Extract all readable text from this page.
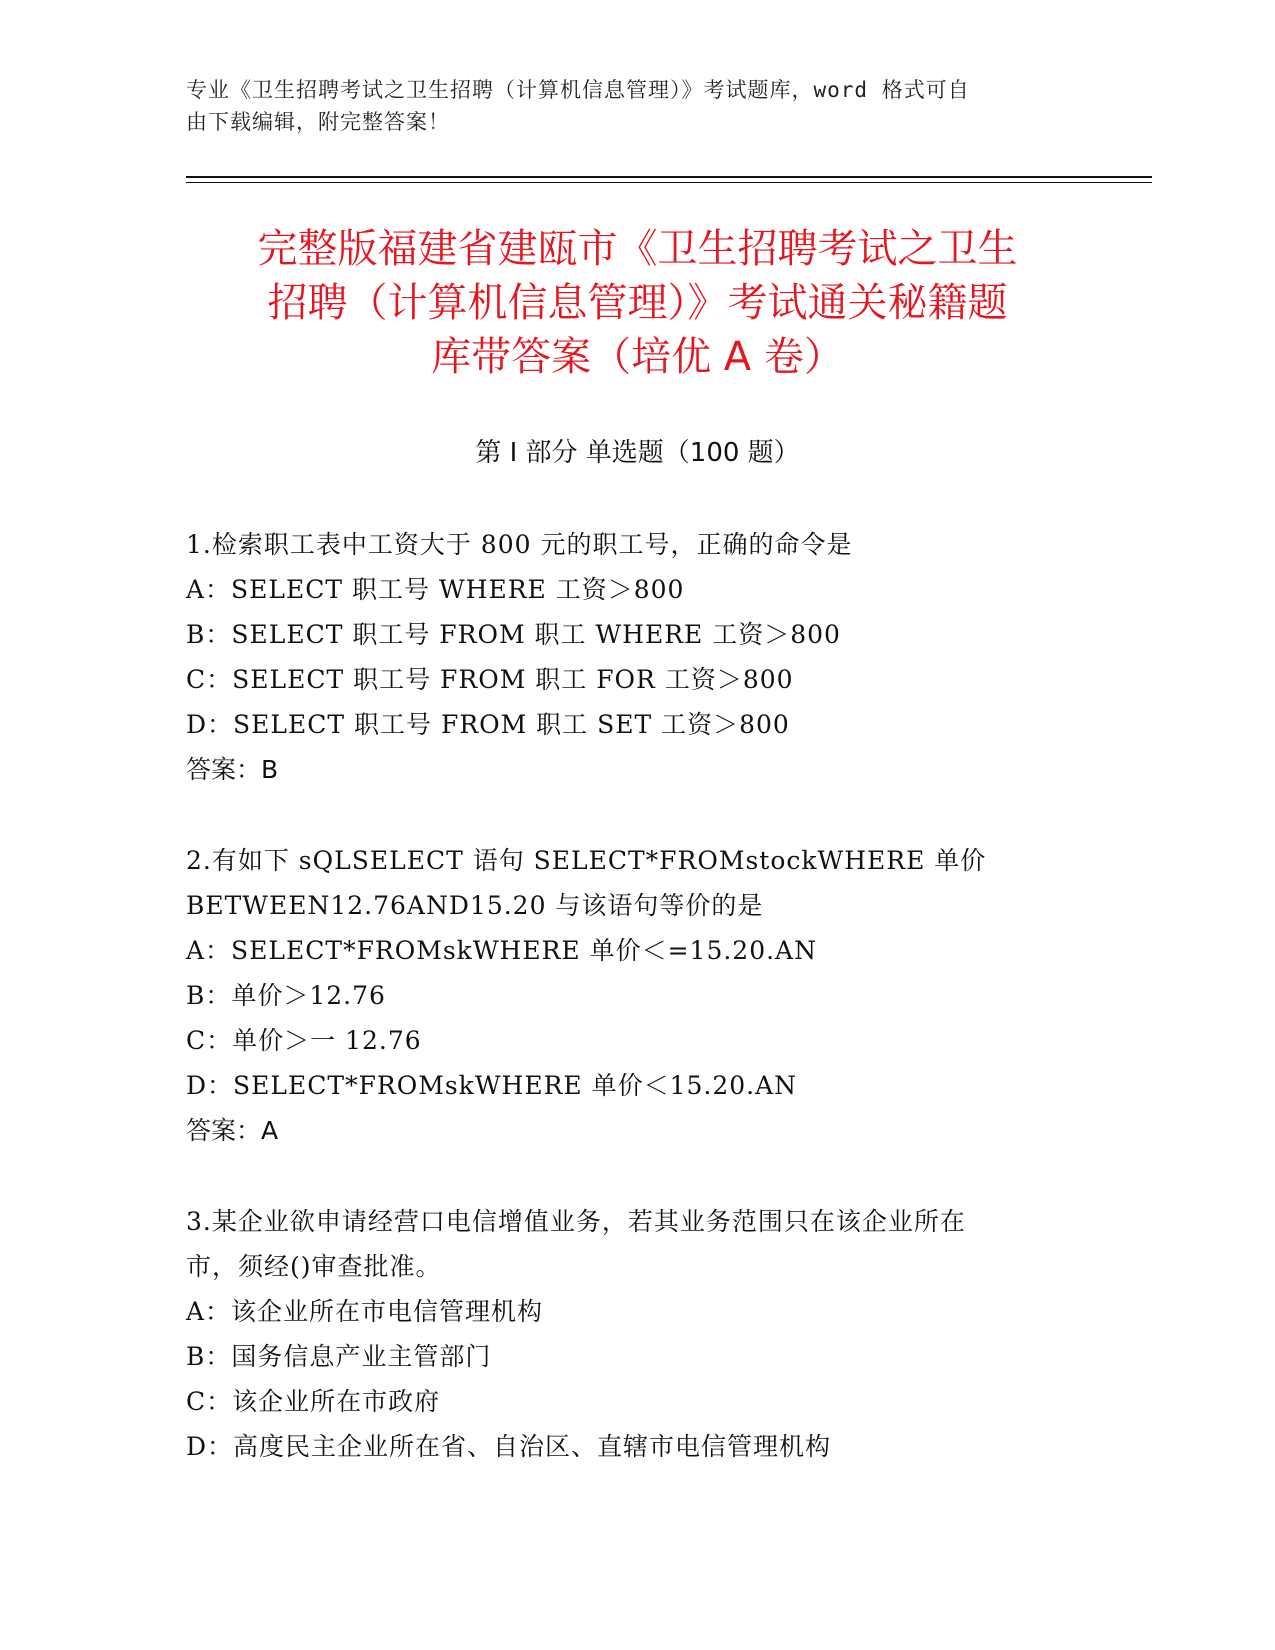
专业《卫生招聘考试之卫生招聘（计算机信息管理）》考试题库，word 格式可自
由下载编辑，附完整答案！
完整版福建省建瓯市《卫生招聘考试之卫生
招聘（计算机信息管理）》考试通关秘籍题
库带答案（培优 A 卷）
第 I 部分 单选题（100 题）
1.检索职工表中工资大于 800 元的职工号，正确的命令是
A：SELECT 职工号 WHERE 工资＞800
B：SELECT 职工号 FROM 职工 WHERE 工资＞800
C：SELECT 职工号 FROM 职工 FOR 工资＞800
D：SELECT 职工号 FROM 职工 SET 工资＞800
答案：B
2.有如下 sQLSELECT 语句 SELECT*FROMstockWHERE 单价
BETWEEN12.76AND15.20 与该语句等价的是
A：SELECT*FROMskWHERE 单价＜=15.20.AN
B：单价＞12.76
C：单价＞一 12.76
D：SELECT*FROMskWHERE 单价＜15.20.AN
答案：A
3.某企业欲申请经营口电信增值业务，若其业务范围只在该企业所在
市，须经()审查批准。
A：该企业所在市电信管理机构
B：国务信息产业主管部门
C：该企业所在市政府
D：高度民主企业所在省、自治区、直辖市电信管理机构
